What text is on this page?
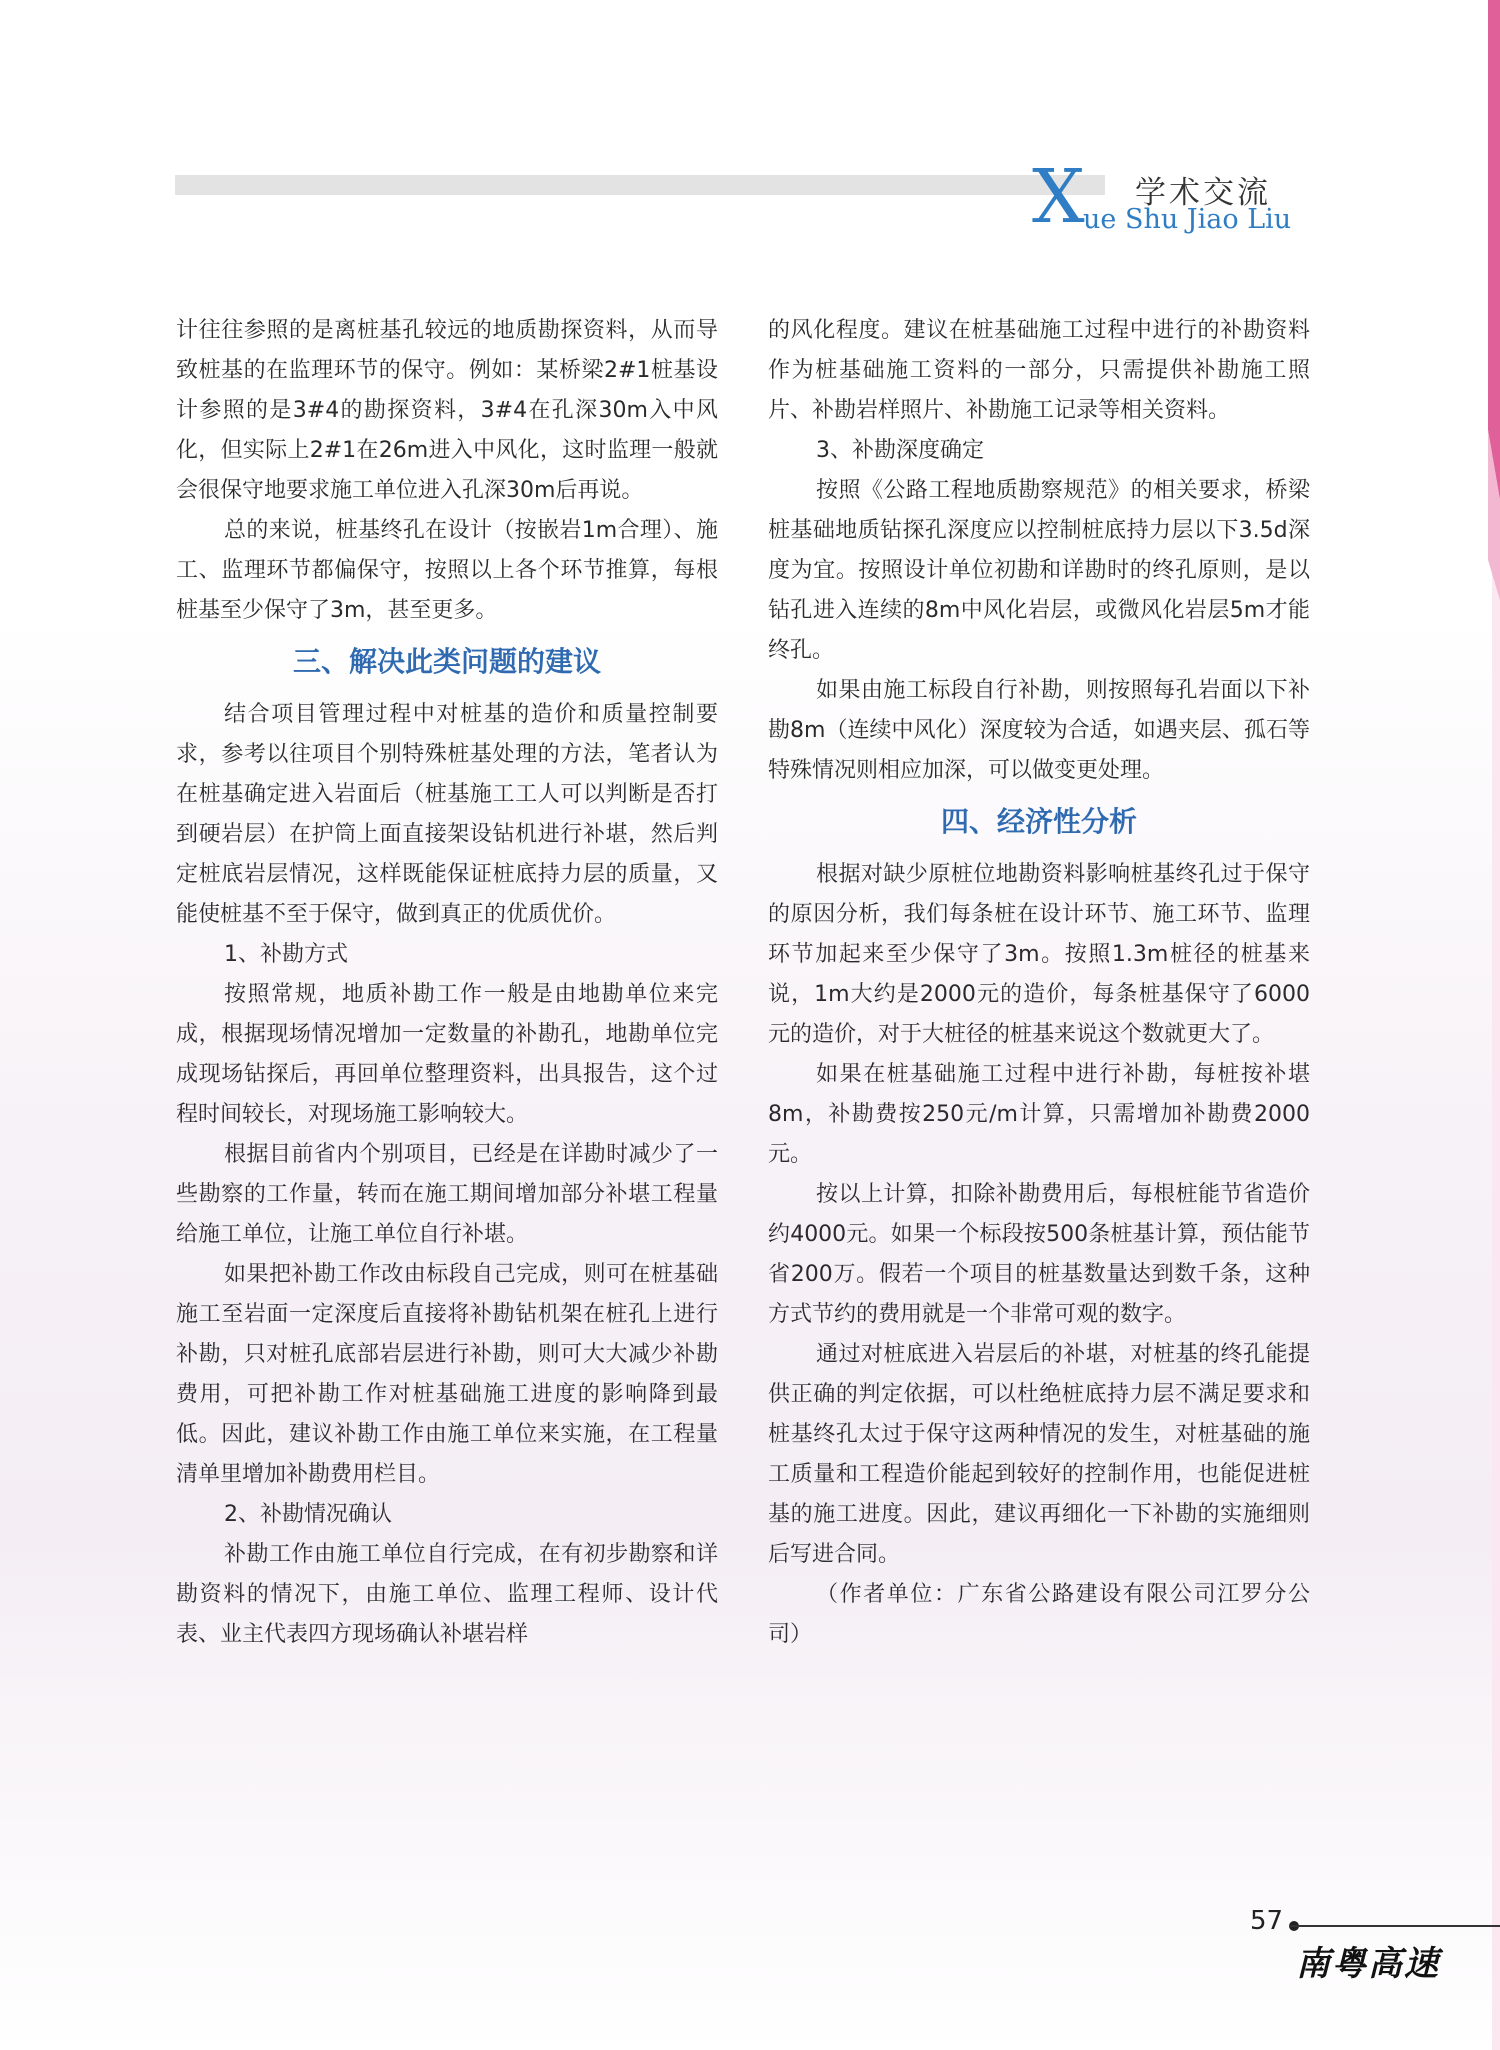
X 学术交流
ue Shu Jiao Liu

计往往参照的是离桩基孔较远的地质勘探资料，从而导致桩基的在监理环节的保守。例如：某桥梁2#1桩基设计参照的是3#4的勘探资料，3#4在孔深30m入中风化，但实际上2#1在26m进入中风化，这时监理一般就会很保守地要求施工单位进入孔深30m后再说。

总的来说，桩基终孔在设计（按嵌岩1m合理）、施工、监理环节都偏保守，按照以上各个环节推算，每根桩基至少保守了3m，甚至更多。

三、解决此类问题的建议

结合项目管理过程中对桩基的造价和质量控制要求，参考以往项目个别特殊桩基处理的方法，笔者认为在桩基确定进入岩面后（桩基施工工人可以判断是否打到硬岩层）在护筒上面直接架设钻机进行补堪，然后判定桩底岩层情况，这样既能保证桩底持力层的质量，又能使桩基不至于保守，做到真正的优质优价。

1、补勘方式

按照常规，地质补勘工作一般是由地勘单位来完成，根据现场情况增加一定数量的补勘孔，地勘单位完成现场钻探后，再回单位整理资料，出具报告，这个过程时间较长，对现场施工影响较大。

根据目前省内个别项目，已经是在详勘时减少了一些勘察的工作量，转而在施工期间增加部分补堪工程量给施工单位，让施工单位自行补堪。

如果把补勘工作改由标段自己完成，则可在桩基础施工至岩面一定深度后直接将补勘钻机架在桩孔上进行补勘，只对桩孔底部岩层进行补勘，则可大大减少补勘费用，可把补勘工作对桩基础施工进度的影响降到最低。因此，建议补勘工作由施工单位来实施，在工程量清单里增加补勘费用栏目。

2、补勘情况确认

补勘工作由施工单位自行完成，在有初步勘察和详勘资料的情况下，由施工单位、监理工程师、设计代表、业主代表四方现场确认补堪岩样

的风化程度。建议在桩基础施工过程中进行的补勘资料作为桩基础施工资料的一部分，只需提供补勘施工照片、补勘岩样照片、补勘施工记录等相关资料。

3、补勘深度确定

按照《公路工程地质勘察规范》的相关要求，桥梁桩基础地质钻探孔深度应以控制桩底持力层以下3.5d深度为宜。按照设计单位初勘和详勘时的终孔原则，是以钻孔进入连续的8m中风化岩层，或微风化岩层5m才能终孔。

如果由施工标段自行补勘，则按照每孔岩面以下补勘8m（连续中风化）深度较为合适，如遇夹层、孤石等特殊情况则相应加深，可以做变更处理。

四、经济性分析

根据对缺少原桩位地勘资料影响桩基终孔过于保守的原因分析，我们每条桩在设计环节、施工环节、监理环节加起来至少保守了3m。按照1.3m桩径的桩基来说，1m大约是2000元的造价，每条桩基保守了6000元的造价，对于大桩径的桩基来说这个数就更大了。

如果在桩基础施工过程中进行补勘，每桩按补堪8m，补勘费按250元/m计算，只需增加补勘费2000元。

按以上计算，扣除补勘费用后，每根桩能节省造价约4000元。如果一个标段按500条桩基计算，预估能节省200万。假若一个项目的桩基数量达到数千条，这种方式节约的费用就是一个非常可观的数字。

通过对桩底进入岩层后的补堪，对桩基的终孔能提供正确的判定依据，可以杜绝桩底持力层不满足要求和桩基终孔太过于保守这两种情况的发生，对桩基础的施工质量和工程造价能起到较好的控制作用，也能促进桩基的施工进度。因此，建议再细化一下补勘的实施细则后写进合同。

（作者单位：广东省公路建设有限公司江罗分公司）

57
南粤高速
